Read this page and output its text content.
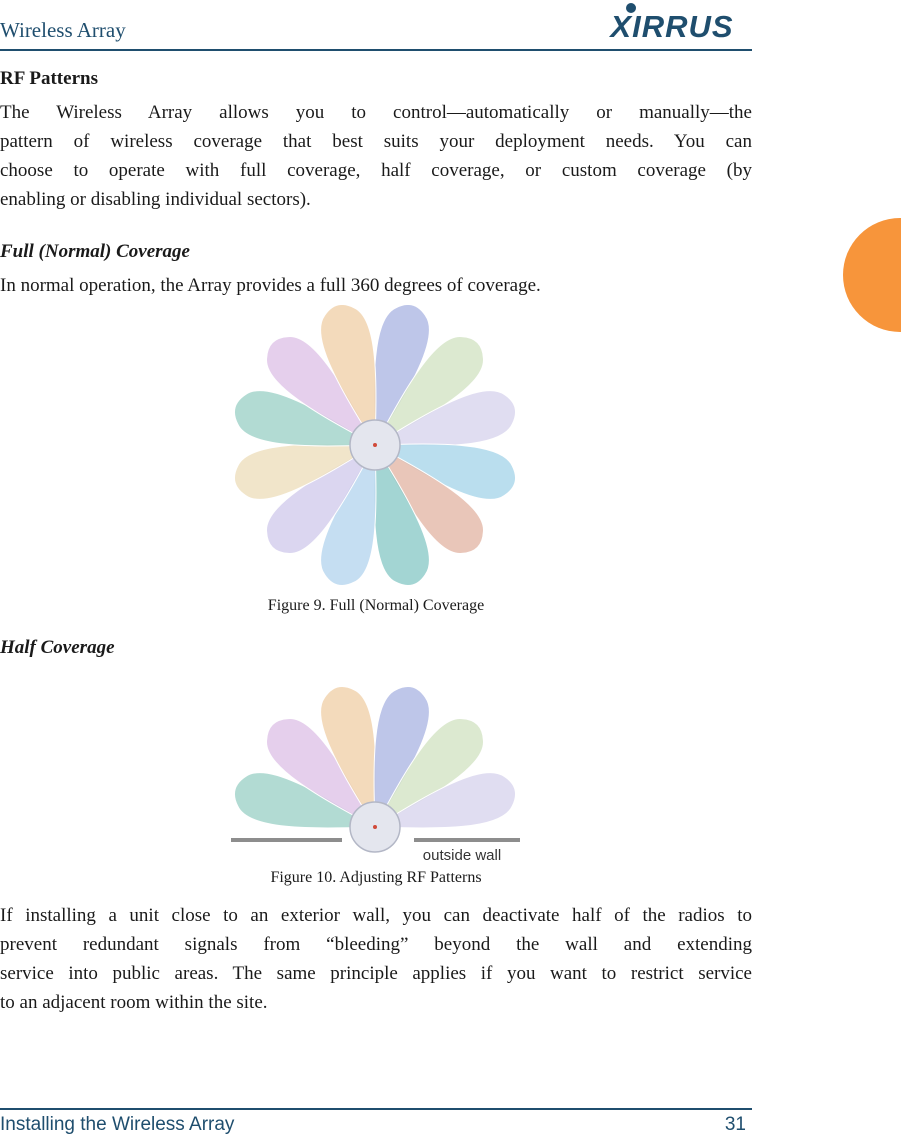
Wireless Array	XIRRUS
RF Patterns

The Wireless Array allows you to control—automatically or manually—the

pattern of wireless coverage that best suits your deployment needs. You can

choose to operate with full coverage, half coverage, or custom coverage (by

enabling or disabling individual sectors).

Full (Normal) Coverage

In normal operation, the Array provides a full 360 degrees of coverage.

Figure 9. Full (Normal) Coverage
Half Coverage
outside wall
Figure 10. Adjusting RF Patterns

If installing a unit close to an exterior wall, you can deactivate half of the radios to

prevent redundant signals from “bleeding” beyond the wall and extending

service into public areas. The same principle applies if you want to restrict service

to an adjacent room within the site.

Installing the Wireless Array	31
